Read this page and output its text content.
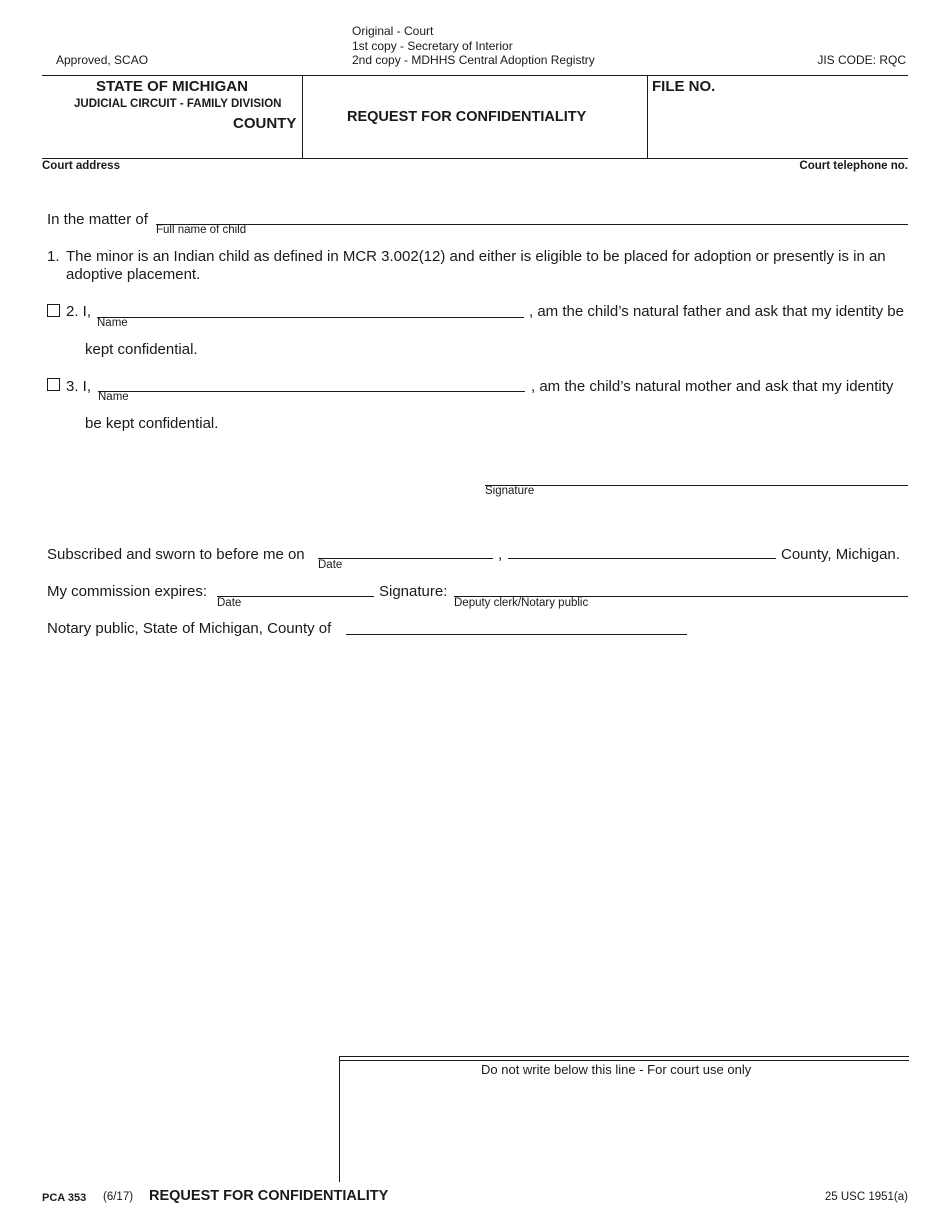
Approved, SCAO
Original - Court
1st copy - Secretary of Interior
2nd copy - MDHHS Central Adoption Registry	JIS CODE: RQC
STATE OF MICHIGAN
JUDICIAL CIRCUIT - FAMILY DIVISION
COUNTY	REQUEST FOR CONFIDENTIALITY
FILE NO.
Court address	Court telephone no.
In the matter of
Full name of child
1. The minor is an Indian child as defined in MCR 3.002(12) and either is eligible to be placed for adoption or presently is in an
adoptive placement.
2. I,
Name
, am the child’s natural father and ask that my identity be
kept confidential.
3. I,
Name
, am the child’s natural mother and ask that my identity
be kept confidential.
Signature
Subscribed and sworn to before me on
Date
,	County, Michigan.
My commission expires:
Date
Signature:
Deputy clerk/Notary public
Notary public, State of Michigan, County of
Do not write below this line - For court use only
PCA 353 (6/17) REQUEST FOR CONFIDENTIALITY	25 USC 1951(a)
